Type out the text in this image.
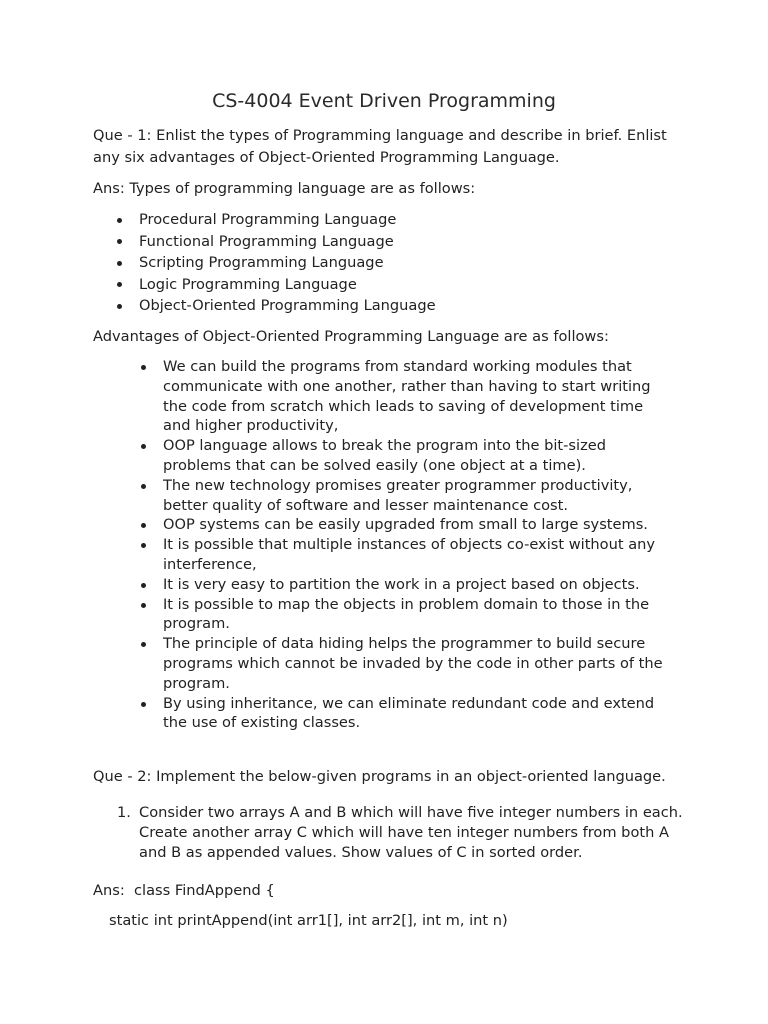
CS-4004 Event Driven Programming

Que - 1: Enlist the types of Programming language and describe in brief. Enlist any six advantages of Object-Oriented Programming Language.

Ans: Types of programming language are as follows:

Procedural Programming Language
Functional Programming Language
Scripting Programming Language
Logic Programming Language
Object-Oriented Programming Language

Advantages of Object-Oriented Programming Language are as follows:

We can build the programs from standard working modules that communicate with one another, rather than having to start writing the code from scratch which leads to saving of development time and higher productivity,
OOP language allows to break the program into the bit-sized problems that can be solved easily (one object at a time).
The new technology promises greater programmer productivity, better quality of software and lesser maintenance cost.
OOP systems can be easily upgraded from small to large systems.
It is possible that multiple instances of objects co-exist without any interference,
It is very easy to partition the work in a project based on objects.
It is possible to map the objects in problem domain to those in the program.
The principle of data hiding helps the programmer to build secure programs which cannot be invaded by the code in other parts of the program.
By using inheritance, we can eliminate redundant code and extend the use of existing classes.

Que - 2: Implement the below-given programs in an object-oriented language.

1. Consider two arrays A and B which will have five integer numbers in each. Create another array C which will have ten integer numbers from both A and B as appended values. Show values of C in sorted order.

Ans:  class FindAppend {

static int printAppend(int arr1[], int arr2[], int m, int n)
